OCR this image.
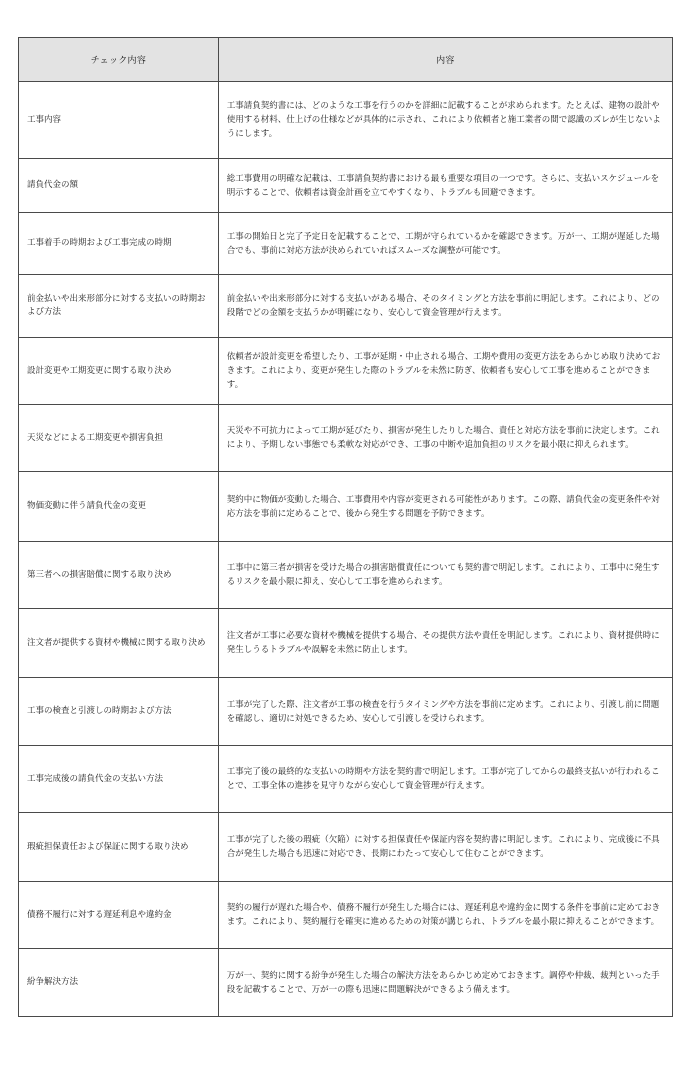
チェック内容	内容
工事内容	工事請負契約書には、どのような工事を行うのかを詳細に記載することが求められます。たとえば、建物の設計や使用する材料、仕上げの仕様などが具体的に示され、これにより依頼者と施工業者の間で認識のズレが生じないようにします。
請負代金の額	総工事費用の明確な記載は、工事請負契約書における最も重要な項目の一つです。さらに、支払いスケジュールを明示することで、依頼者は資金計画を立てやすくなり、トラブルも回避できます。
工事着手の時期および工事完成の時期	工事の開始日と完了予定日を記載することで、工期が守られているかを確認できます。万が一、工期が遅延した場合でも、事前に対応方法が決められていればスムーズな調整が可能です。
前金払いや出来形部分に対する支払いの時期および方法	前金払いや出来形部分に対する支払いがある場合、そのタイミングと方法を事前に明記します。これにより、どの段階でどの金額を支払うかが明確になり、安心して資金管理が行えます。
設計変更や工期変更に関する取り決め	依頼者が設計変更を希望したり、工事が延期・中止される場合、工期や費用の変更方法をあらかじめ取り決めておきます。これにより、変更が発生した際のトラブルを未然に防ぎ、依頼者も安心して工事を進めることができます。
天災などによる工期変更や損害負担	天災や不可抗力によって工期が延びたり、損害が発生したりした場合、責任と対応方法を事前に決定します。これにより、予期しない事態でも柔軟な対応ができ、工事の中断や追加負担のリスクを最小限に抑えられます。
物価変動に伴う請負代金の変更	契約中に物価が変動した場合、工事費用や内容が変更される可能性があります。この際、請負代金の変更条件や対応方法を事前に定めることで、後から発生する問題を予防できます。
第三者への損害賠償に関する取り決め	工事中に第三者が損害を受けた場合の損害賠償責任についても契約書で明記します。これにより、工事中に発生するリスクを最小限に抑え、安心して工事を進められます。
注文者が提供する資材や機械に関する取り決め	注文者が工事に必要な資材や機械を提供する場合、その提供方法や責任を明記します。これにより、資材提供時に発生しうるトラブルや誤解を未然に防止します。
工事の検査と引渡しの時期および方法	工事が完了した際、注文者が工事の検査を行うタイミングや方法を事前に定めます。これにより、引渡し前に問題を確認し、適切に対処できるため、安心して引渡しを受けられます。
工事完成後の請負代金の支払い方法	工事完了後の最終的な支払いの時期や方法を契約書で明記します。工事が完了してからの最終支払いが行われることで、工事全体の進捗を見守りながら安心して資金管理が行えます。
瑕疵担保責任および保証に関する取り決め	工事が完了した後の瑕疵（欠陥）に対する担保責任や保証内容を契約書に明記します。これにより、完成後に不具合が発生した場合も迅速に対応でき、長期にわたって安心して住むことができます。
債務不履行に対する遅延利息や違約金	契約の履行が遅れた場合や、債務不履行が発生した場合には、遅延利息や違約金に関する条件を事前に定めておきます。これにより、契約履行を確実に進めるための対策が講じられ、トラブルを最小限に抑えることができます。
紛争解決方法	万が一、契約に関する紛争が発生した場合の解決方法をあらかじめ定めておきます。調停や仲裁、裁判といった手段を記載することで、万が一の際も迅速に問題解決ができるよう備えます。
